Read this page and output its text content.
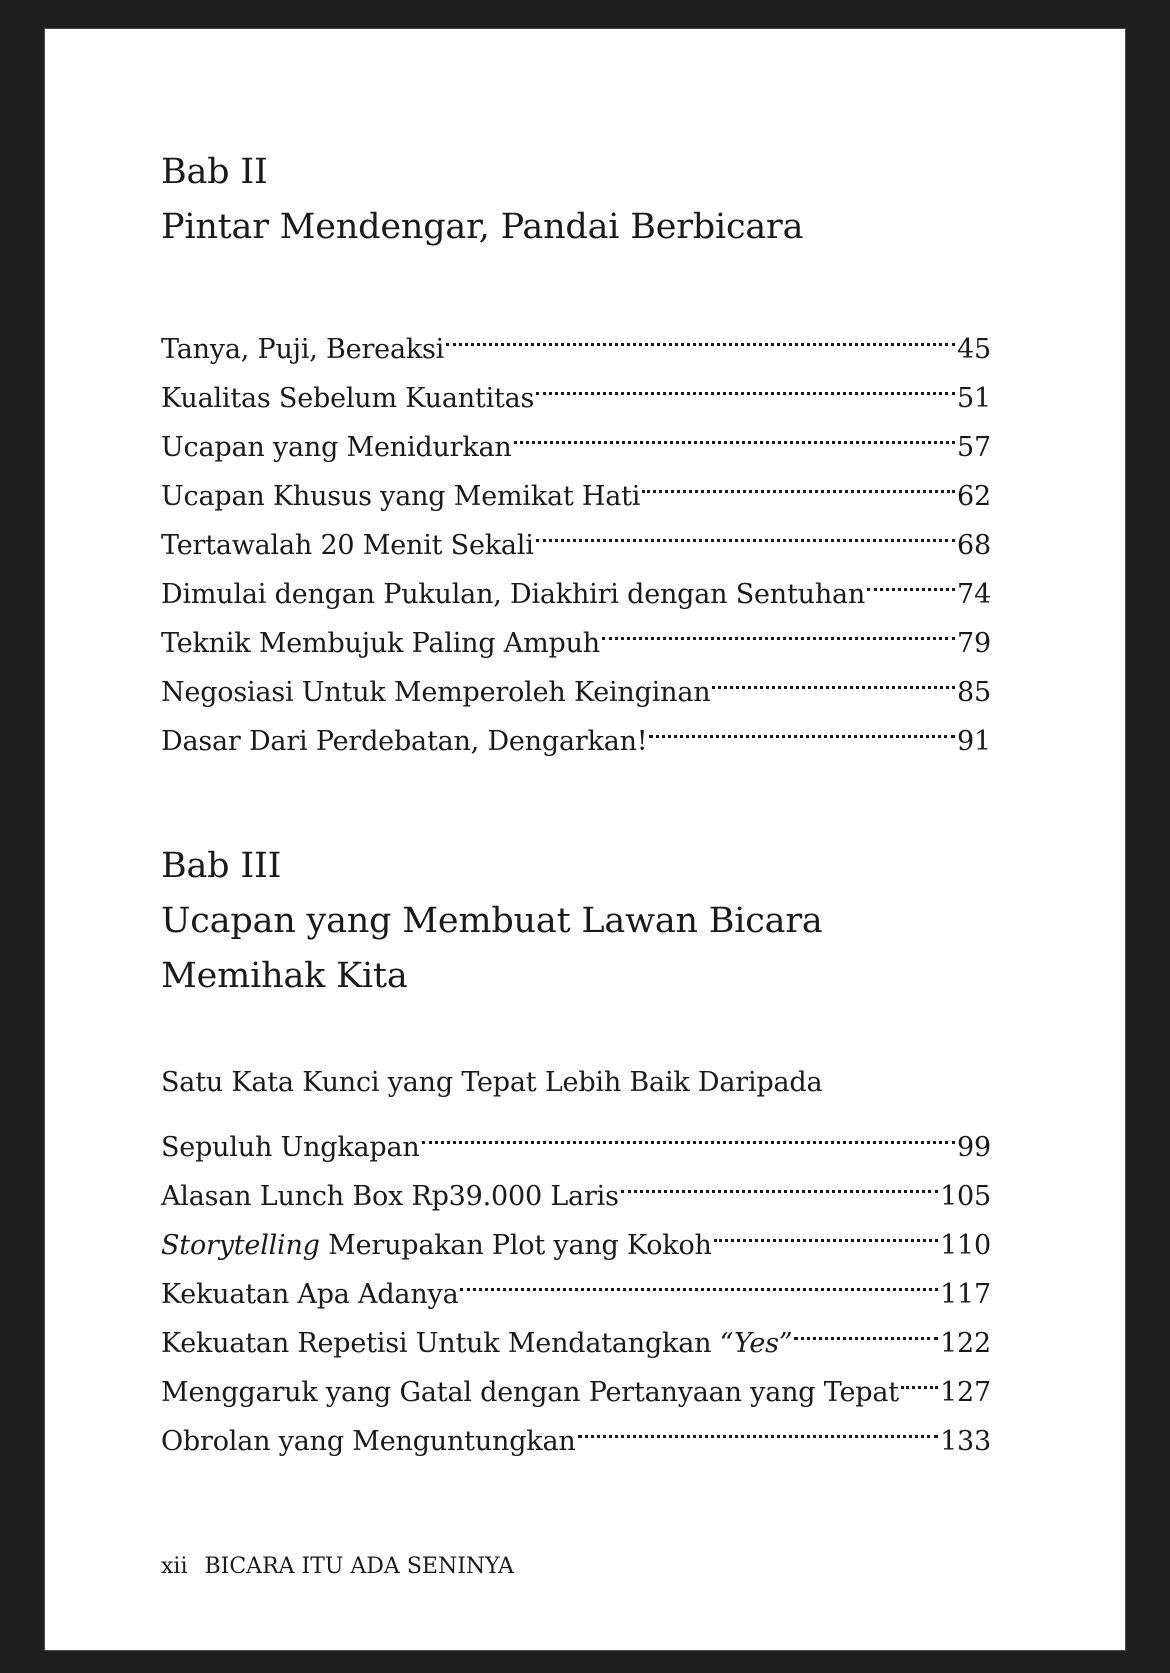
Bab II
Pintar Mendengar, Pandai Berbicara
Tanya, Puji, Bereaksi	45
Kualitas Sebelum Kuantitas	51
Ucapan yang Menidurkan	57
Ucapan Khusus yang Memikat Hati	62
Tertawalah 20 Menit Sekali	68
Dimulai dengan Pukulan, Diakhiri dengan Sentuhan	74
Teknik Membujuk Paling Ampuh	79
Negosiasi Untuk Memperoleh Keinginan	85
Dasar Dari Perdebatan, Dengarkan!	91
Bab III
Ucapan yang Membuat Lawan Bicara
Memihak Kita
Satu Kata Kunci yang Tepat Lebih Baik Daripada
Sepuluh Ungkapan	99
Alasan Lunch Box Rp39.000 Laris	105
Storytelling Merupakan Plot yang Kokoh	110
Kekuatan Apa Adanya	117
Kekuatan Repetisi Untuk Mendatangkan “Yes”	122
Menggaruk yang Gatal dengan Pertanyaan yang Tepat 127
Obrolan yang Menguntungkan	133
xii BICARA ITU ADA SENINYA
